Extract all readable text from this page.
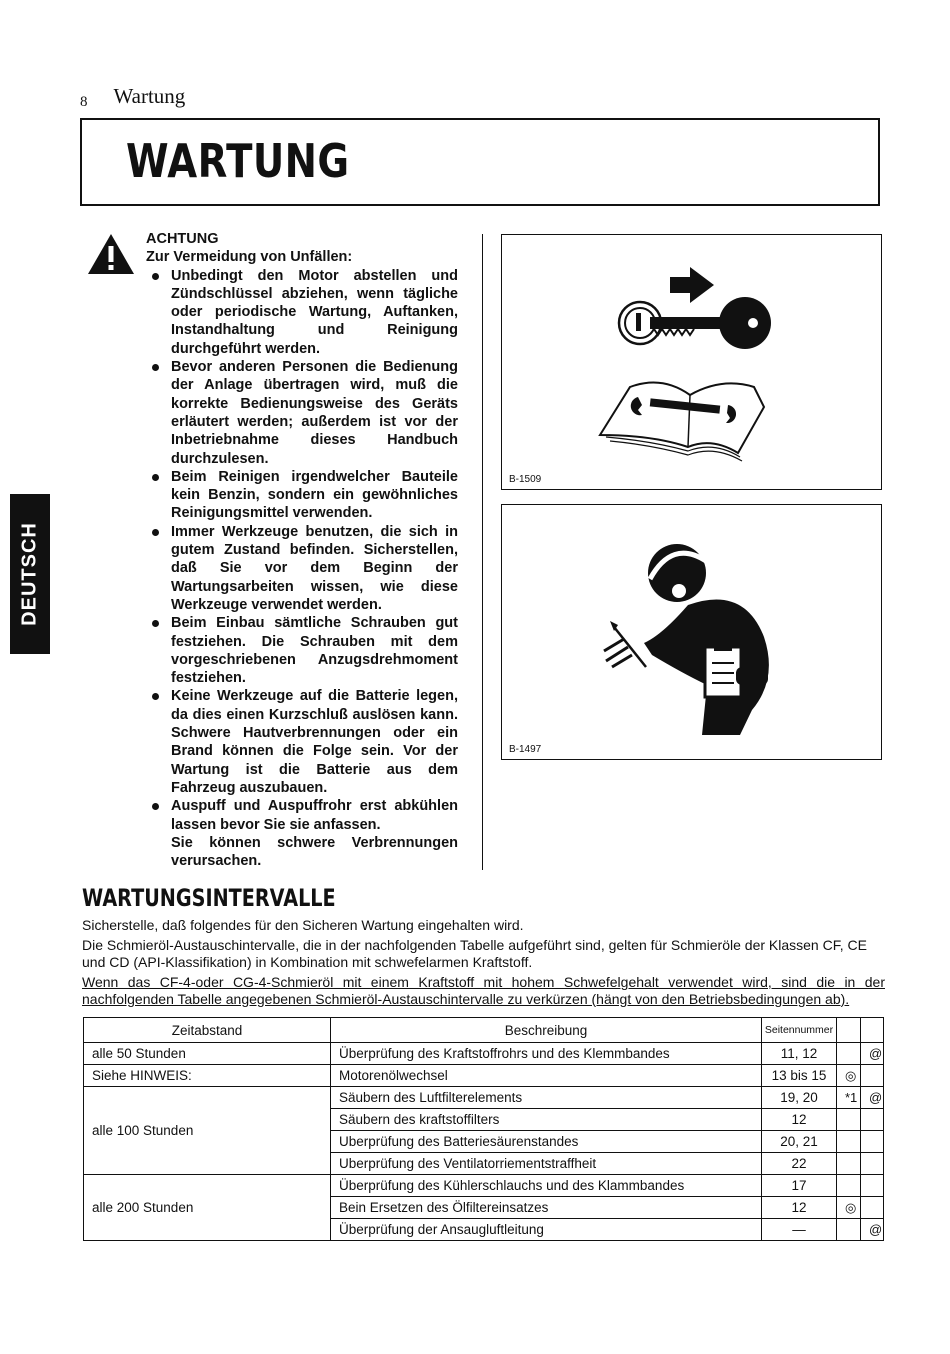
8 Wartung
WARTUNG
DEUTSCH
ACHTUNG
Zur Vermeidung von Unfällen:
Unbedingt den Motor abstellen und Zündschlüssel abziehen, wenn tägliche oder periodische Wartung, Auftanken, Instandhaltung und Reinigung durchgeführt werden.
Bevor anderen Personen die Bedienung der Anlage übertragen wird, muß die korrekte Bedienungsweise des Geräts erläutert werden; außerdem ist vor der Inbetriebnahme dieses Handbuch durchzulesen.
Beim Reinigen irgendwelcher Bauteile kein Benzin, sondern ein gewöhnliches Reinigungsmittel verwenden.
Immer Werkzeuge benutzen, die sich in gutem Zustand befinden. Sicherstellen, daß Sie vor dem Beginn der Wartungsarbeiten wissen, wie diese Werkzeuge verwendet werden.
Beim Einbau sämtliche Schrauben gut festziehen. Die Schrauben mit dem vorgeschriebenen Anzugsdrehmoment festziehen.
Keine Werkzeuge auf die Batterie legen, da dies einen Kurzschluß auslösen kann. Schwere Hautverbrennungen oder ein Brand können die Folge sein. Vor der Wartung ist die Batterie aus dem Fahrzeug auszubauen.
Auspuff und Auspuffrohr erst abkühlen lassen bevor Sie sie anfassen.
Sie können schwere Verbrennungen verursachen.
B-1509
B-1497
WARTUNGSINTERVALLE
Sicherstelle, daß folgendes für den Sicheren Wartung eingehalten wird.
Die Schmieröl-Austauschintervalle, die in der nachfolgenden Tabelle aufgeführt sind, gelten für Schmieröle der Klassen CF, CE und CD (API-Klassifikation) in Kombination mit schwefelarmen Kraftstoff.
Wenn das CF-4-oder CG-4-Schmieröl mit einem Kraftstoff mit hohem Schwefelgehalt verwendet wird, sind die in der nachfolgenden Tabelle angegebenen Schmieröl-Austauschintervalle zu verkürzen (hängt von den Betriebsbedingungen ab).
Zeitabstand	Beschreibung	Seitennummer		
alle 50 Stunden	Überprüfung des Kraftstoffrohrs und des Klemmbandes	11, 12		@
Siehe HINWEIS:	Motorenölwechsel	13 bis 15	◎	
alle 100 Stunden	Säubern des Luftfilterelements	19, 20	*1	@
	Säubern des kraftstoffilters	12		
	Uberprüfung des Batteriesäurenstandes	20, 21		
	Uberprüfung des Ventilatorriementstraffheit	22		
alle 200 Stunden	Überprüfung des Kühlerschlauchs und des Klammbandes	17		
	Bein Ersetzen des Ölfiltereinsatzes	12	◎	
	Überprüfung der Ansaugluftleitung	—		@
